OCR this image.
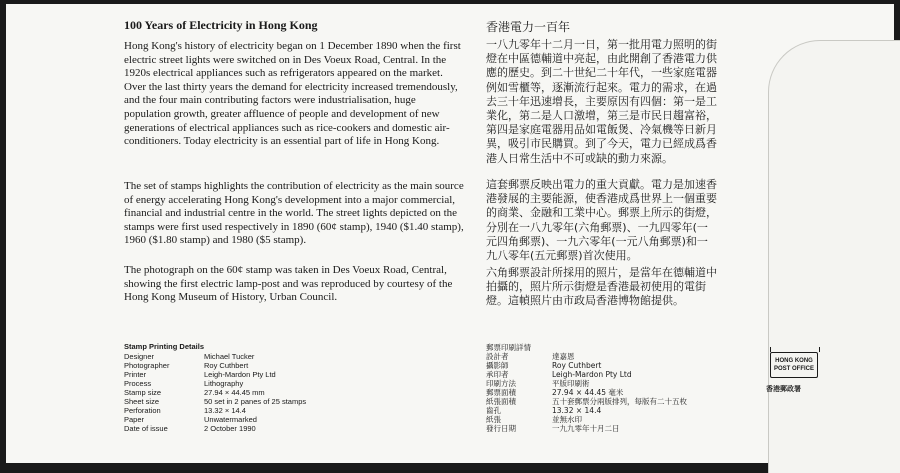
100 Years of Electricity in Hong Kong

Hong Kong's history of electricity began on 1 December 1890 when the first electric street lights were switched on in Des Voeux Road, Central. In the 1920s electrical appliances such as refrigerators appeared on the market. Over the last thirty years the demand for electricity increased tremendously, and the four main contributing factors were industrialisation, huge population growth, greater affluence of people and development of new generations of electrical appliances such as rice-cookers and domestic air-conditioners. Today electricity is an essential part of life in Hong Kong.

The set of stamps highlights the contribution of electricity as the main source of energy accelerating Hong Kong's development into a major commercial, financial and industrial centre in the world. The street lights depicted on the stamps were first used respectively in 1890 (60¢ stamp), 1940 ($1.40 stamp), 1960 ($1.80 stamp) and 1980 ($5 stamp).

The photograph on the 60¢ stamp was taken in Des Voeux Road, Central, showing the first electric lamp-post and was reproduced by courtesy of the Hong Kong Museum of History, Urban Council.

香港電力一百年

一八九零年十二月一日，第一批用電力照明的街燈在中區德輔道中亮起，由此開創了香港電力供應的歷史。到二十世紀二十年代，一些家庭電器例如雪櫃等，逐漸流行起來。電力的需求，在過去三十年迅速增長，主要原因有四個：第一是工業化，第二是人口激增，第三是市民日趨富裕，第四是家庭電器用品如電飯煲、冷氣機等日新月異，吸引市民購買。到了今天，電力已經成爲香港人日常生活中不可或缺的動力來源。

這套郵票反映出電力的重大貢獻。電力是加速香港發展的主要能源，使香港成爲世界上一個重要的商業、金融和工業中心。郵票上所示的街燈，分別在一八九零年(六角郵票)、一九四零年(一元四角郵票)、一九六零年(一元八角郵票)和一九八零年(五元郵票)首次使用。

六角郵票設計所採用的照片，是當年在德輔道中拍攝的，照片所示街燈是香港最初使用的電街燈。這幀照片由市政局香港博物館提供。

Stamp Printing Details
Designer	Michael Tucker
Photographer	Roy Cuthbert
Printer	Leigh-Mardon Pty Ltd
Process	Lithography
Stamp size	27.94 × 44.45 mm
Sheet size	50 set in 2 panes of 25 stamps
Perforation	13.32 × 14.4
Paper	Unwatermarked
Date of issue	2 October 1990
郵票印刷詳情
設計者	達嘉恩
攝影師	Roy Cuthbert
承印者	Leigh-Mardon Pty Ltd
印刷方法	平版印刷術
郵票面積	27.94 × 44.45 毫米
紙張面積	五十套郵票分兩版排列，每版有二十五枚
齒孔	13.32 × 14.4
紙張	並無水印
發行日期	一九九零年十月二日
HONG KONG
POST OFFICE
香港郵政署
